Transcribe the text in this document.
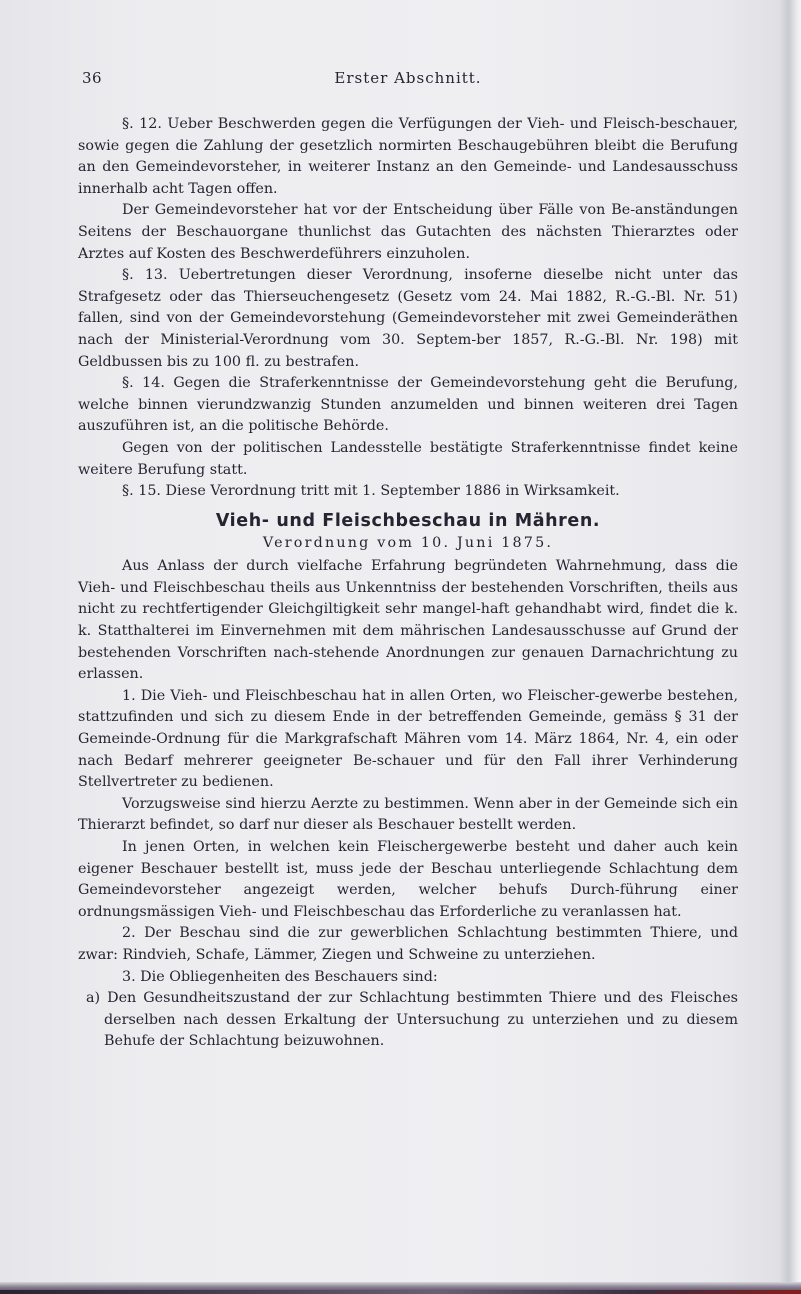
36	Erster Abschnitt.

§. 12. Ueber Beschwerden gegen die Verfügungen der Vieh- und Fleisch-beschauer, sowie gegen die Zahlung der gesetzlich normirten Beschaugebühren bleibt die Berufung an den Gemeindevorsteher, in weiterer Instanz an den Gemeinde- und Landesausschuss innerhalb acht Tagen offen.

Der Gemeindevorsteher hat vor der Entscheidung über Fälle von Be-anständungen Seitens der Beschauorgane thunlichst das Gutachten des nächsten Thierarztes oder Arztes auf Kosten des Beschwerdeführers einzuholen.

§. 13. Uebertretungen dieser Verordnung, insoferne dieselbe nicht unter das Strafgesetz oder das Thierseuchengesetz (Gesetz vom 24. Mai 1882, R.-G.-Bl. Nr. 51) fallen, sind von der Gemeindevorstehung (Gemeindevorsteher mit zwei Gemeinderäthen nach der Ministerial-Verordnung vom 30. Septem-ber 1857, R.-G.-Bl. Nr. 198) mit Geldbussen bis zu 100 fl. zu bestrafen.

§. 14. Gegen die Straferkenntnisse der Gemeindevorstehung geht die Berufung, welche binnen vierundzwanzig Stunden anzumelden und binnen weiteren drei Tagen auszuführen ist, an die politische Behörde.

Gegen von der politischen Landesstelle bestätigte Straferkenntnisse findet keine weitere Berufung statt.

§. 15. Diese Verordnung tritt mit 1. September 1886 in Wirksamkeit.

Vieh- und Fleischbeschau in Mähren.
Verordnung vom 10. Juni 1875.

Aus Anlass der durch vielfache Erfahrung begründeten Wahrnehmung, dass die Vieh- und Fleischbeschau theils aus Unkenntniss der bestehenden Vorschriften, theils aus nicht zu rechtfertigender Gleichgiltigkeit sehr mangel-haft gehandhabt wird, findet die k. k. Statthalterei im Einvernehmen mit dem mährischen Landesausschusse auf Grund der bestehenden Vorschriften nach-stehende Anordnungen zur genauen Darnachrichtung zu erlassen.

1. Die Vieh- und Fleischbeschau hat in allen Orten, wo Fleischer-gewerbe bestehen, stattzufinden und sich zu diesem Ende in der betreffenden Gemeinde, gemäss § 31 der Gemeinde-Ordnung für die Markgrafschaft Mähren vom 14. März 1864, Nr. 4, ein oder nach Bedarf mehrerer geeigneter Be-schauer und für den Fall ihrer Verhinderung Stellvertreter zu bedienen.

Vorzugsweise sind hierzu Aerzte zu bestimmen. Wenn aber in der Gemeinde sich ein Thierarzt befindet, so darf nur dieser als Beschauer bestellt werden.

In jenen Orten, in welchen kein Fleischergewerbe besteht und daher auch kein eigener Beschauer bestellt ist, muss jede der Beschau unterliegende Schlachtung dem Gemeindevorsteher angezeigt werden, welcher behufs Durch-führung einer ordnungsmässigen Vieh- und Fleischbeschau das Erforderliche zu veranlassen hat.

2. Der Beschau sind die zur gewerblichen Schlachtung bestimmten Thiere, und zwar: Rindvieh, Schafe, Lämmer, Ziegen und Schweine zu unterziehen.

3. Die Obliegenheiten des Beschauers sind:

a) Den Gesundheitszustand der zur Schlachtung bestimmten Thiere und des Fleisches derselben nach dessen Erkaltung der Untersuchung zu unterziehen und zu diesem Behufe der Schlachtung beizuwohnen.
